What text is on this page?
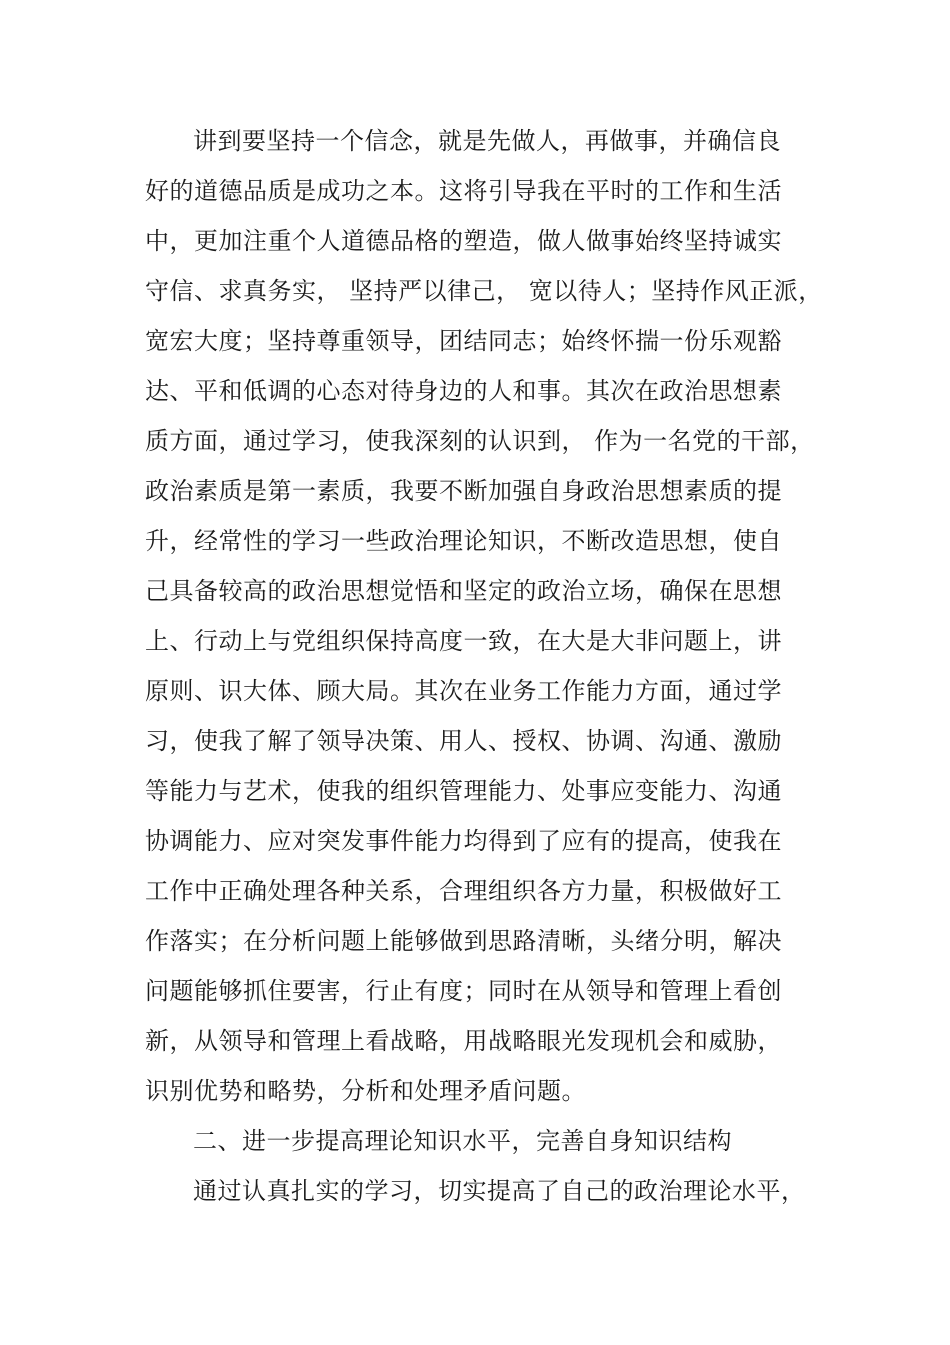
讲到要坚持一个信念，就是先做人，再做事，并确信良
好的道德品质是成功之本。这将引导我在平时的工作和生活
中，更加注重个人道德品格的塑造，做人做事始终坚持诚实
守信、求真务实， 坚持严以律己， 宽以待人；坚持作风正派，
宽宏大度；坚持尊重领导，团结同志；始终怀揣一份乐观豁
达、平和低调的心态对待身边的人和事。其次在政治思想素
质方面，通过学习，使我深刻的认识到， 作为一名党的干部，
政治素质是第一素质，我要不断加强自身政治思想素质的提
升，经常性的学习一些政治理论知识，不断改造思想，使自
己具备较高的政治思想觉悟和坚定的政治立场，确保在思想
上、行动上与党组织保持高度一致，在大是大非问题上，讲
原则、识大体、顾大局。其次在业务工作能力方面，通过学
习，使我了解了领导决策、用人、授权、协调、沟通、激励
等能力与艺术，使我的组织管理能力、处事应变能力、沟通
协调能力、应对突发事件能力均得到了应有的提高，使我在
工作中正确处理各种关系，合理组织各方力量，积极做好工
作落实；在分析问题上能够做到思路清晰，头绪分明，解决
问题能够抓住要害，行止有度；同时在从领导和管理上看创
新，从领导和管理上看战略，用战略眼光发现机会和威胁，
识别优势和略势，分析和处理矛盾问题。
二、进一步提高理论知识水平，完善自身知识结构
通过认真扎实的学习，切实提高了自己的政治理论水平，
